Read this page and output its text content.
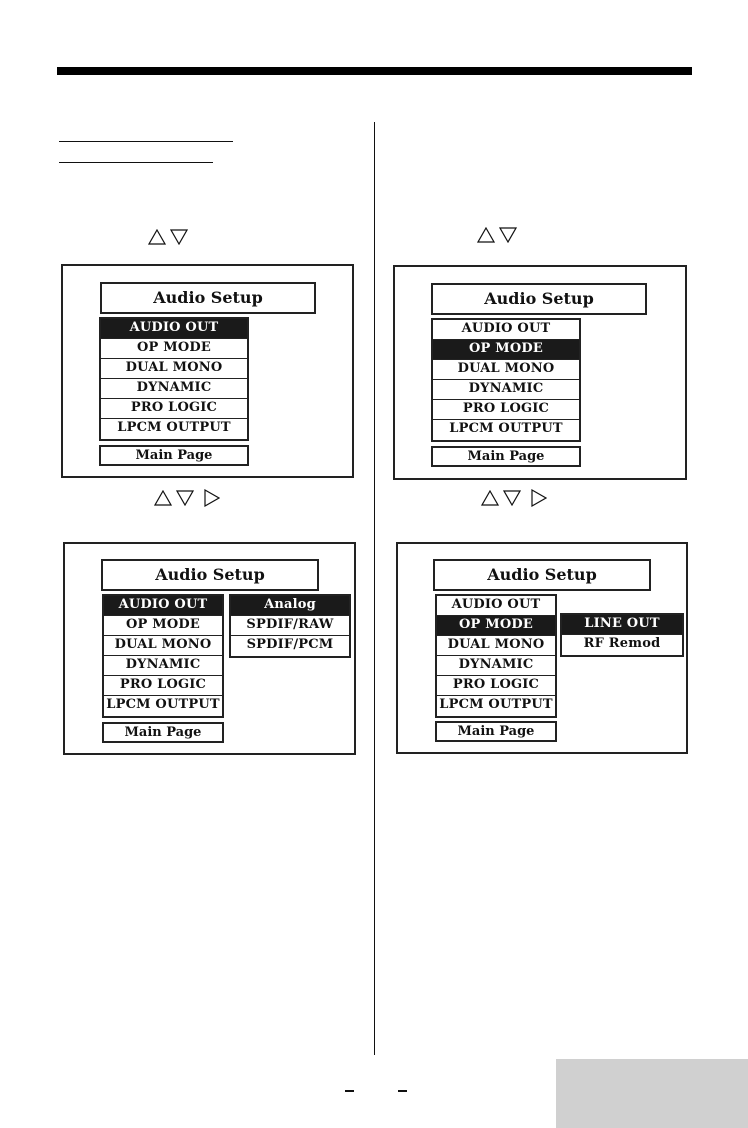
Audio Setup
AUDIO OUT
OP MODE
DUAL MONO
DYNAMIC
PRO LOGIC
LPCM OUTPUT
Main Page
Audio Setup
AUDIO OUT
OP MODE
DUAL MONO
DYNAMIC
PRO LOGIC
LPCM OUTPUT
Main Page
Audio Setup
AUDIO OUT
OP MODE
DUAL MONO
DYNAMIC
PRO LOGIC
LPCM OUTPUT
Analog
SPDIF/RAW
SPDIF/PCM
Main Page
Audio Setup
AUDIO OUT
OP MODE
DUAL MONO
DYNAMIC
PRO LOGIC
LPCM OUTPUT
LINE OUT
RF Remod
Main Page
